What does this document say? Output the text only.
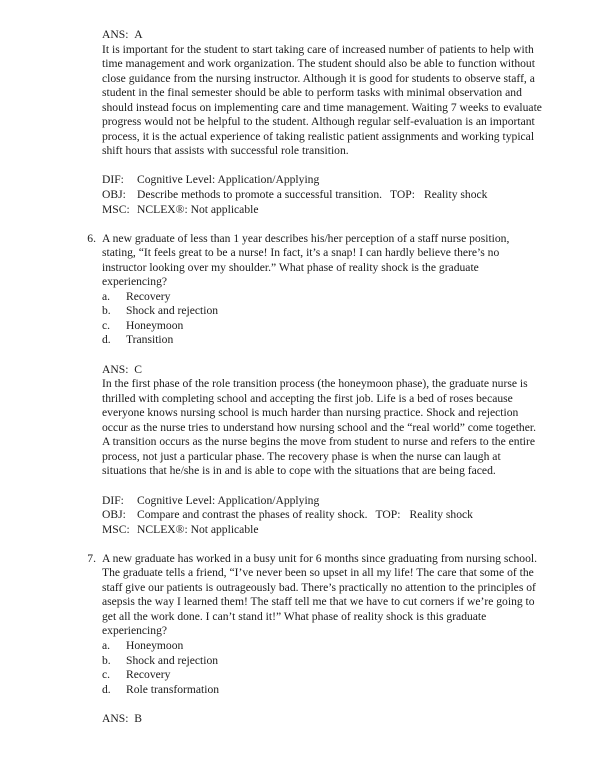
ANS: A

It is important for the student to start taking care of increased number of patients to help with time management and work organization. The student should also be able to function without close guidance from the nursing instructor. Although it is good for students to observe staff, a student in the final semester should be able to perform tasks with minimal observation and should instead focus on implementing care and time management. Waiting 7 weeks to evaluate progress would not be helpful to the student. Although regular self-evaluation is an important process, it is the actual experience of taking realistic patient assignments and working typical shift hours that assists with successful role transition.

DIF:	Cognitive Level: Application/Applying		
OBJ:	Describe methods to promote a successful transition.	TOP:	Reality shock
MSC:	NCLEX®: Not applicable		
6. A new graduate of less than 1 year describes his/her perception of a staff nurse position, stating, “It feels great to be a nurse! In fact, it’s a snap! I can hardly believe there’s no instructor looking over my shoulder.” What phase of reality shock is the graduate experiencing?
a.	Recovery
b.	Shock and rejection
c.	Honeymoon
d.	Transition
ANS: C

In the first phase of the role transition process (the honeymoon phase), the graduate nurse is thrilled with completing school and accepting the first job. Life is a bed of roses because everyone knows nursing school is much harder than nursing practice. Shock and rejection occur as the nurse tries to understand how nursing school and the “real world” come together. A transition occurs as the nurse begins the move from student to nurse and refers to the entire process, not just a particular phase. The recovery phase is when the nurse can laugh at situations that he/she is in and is able to cope with the situations that are being faced.

DIF:	Cognitive Level: Application/Applying		
OBJ:	Compare and contrast the phases of reality shock.	TOP:	Reality shock
MSC:	NCLEX®: Not applicable		
7. A new graduate has worked in a busy unit for 6 months since graduating from nursing school. The graduate tells a friend, “I’ve never been so upset in all my life! The care that some of the staff give our patients is outrageously bad. There’s practically no attention to the principles of asepsis the way I learned them! The staff tell me that we have to cut corners if we’re going to get all the work done. I can’t stand it!” What phase of reality shock is this graduate experiencing?
a.	Honeymoon
b.	Shock and rejection
c.	Recovery
d.	Role transformation
ANS: B
